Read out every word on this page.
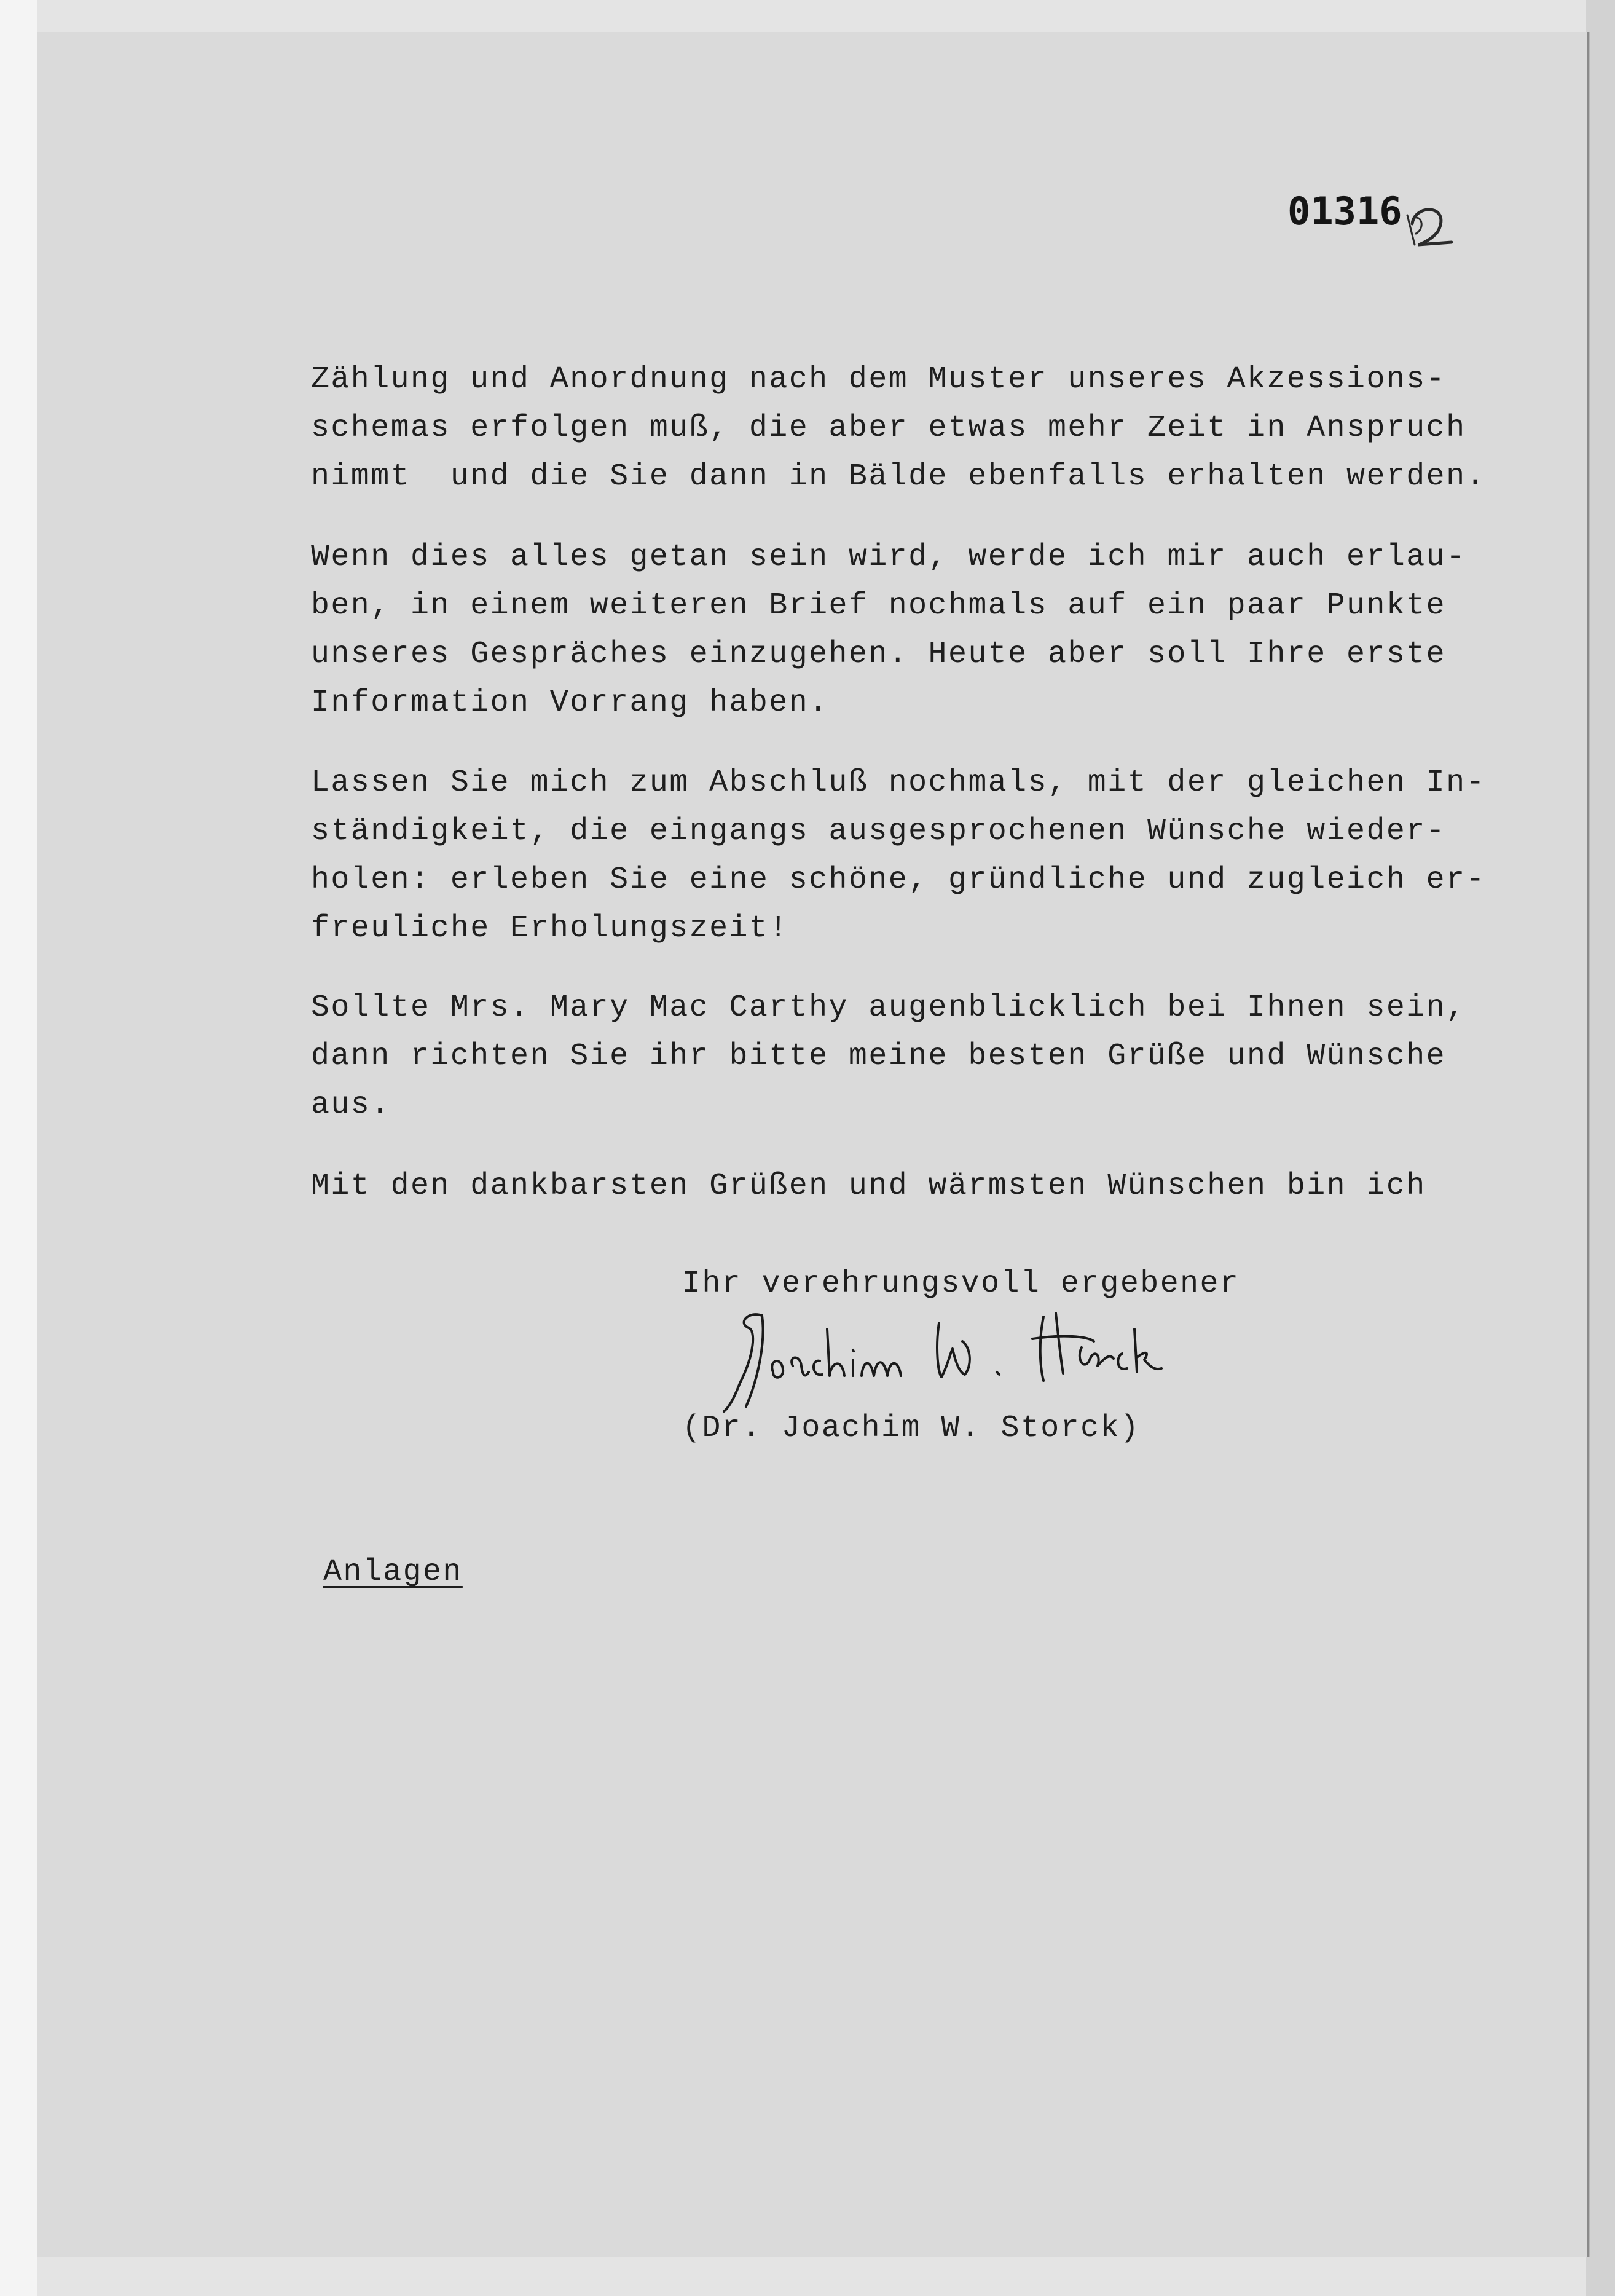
01316
Zählung und Anordnung nach dem Muster unseres Akzessions-
schemas erfolgen muß, die aber etwas mehr Zeit in Anspruch
nimmt  und die Sie dann in Bälde ebenfalls erhalten werden.
Wenn dies alles getan sein wird, werde ich mir auch erlau-
ben, in einem weiteren Brief nochmals auf ein paar Punkte
unseres Gespräches einzugehen. Heute aber soll Ihre erste
Information Vorrang haben.
Lassen Sie mich zum Abschluß nochmals, mit der gleichen In-
ständigkeit, die eingangs ausgesprochenen Wünsche wieder-
holen: erleben Sie eine schöne, gründliche und zugleich er-
freuliche Erholungszeit!
Sollte Mrs. Mary Mac Carthy augenblicklich bei Ihnen sein,
dann richten Sie ihr bitte meine besten Grüße und Wünsche
aus.
Mit den dankbarsten Grüßen und wärmsten Wünschen bin ich
Ihr verehrungsvoll ergebener
(Dr. Joachim W. Storck)
Anlagen
